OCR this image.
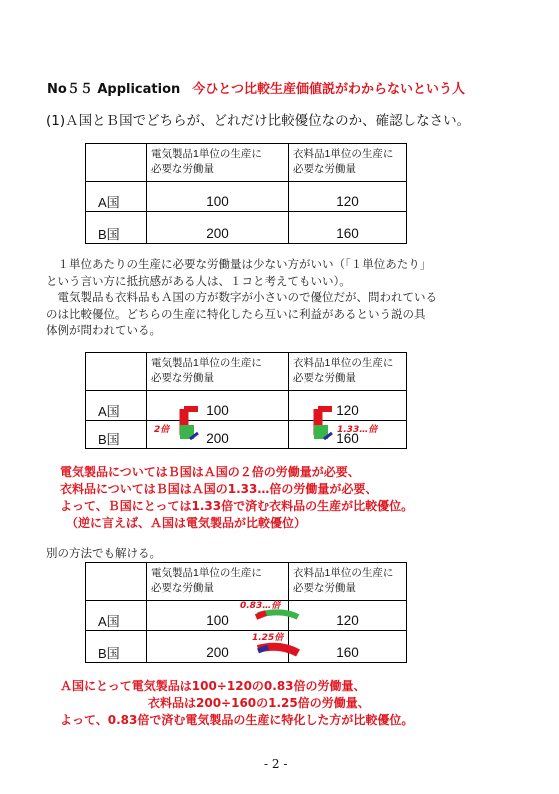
No５５ Application 今ひとつ比較生産価値説がわからないという人
(1)Ａ国とＢ国でどちらが、どれだけ比較優位なのか、確認しなさい。
	電気製品1単位の生産に
必要な労働量	衣料品1単位の生産に
必要な労働量
A国	100	120
B国	200	160
　１単位あたりの生産に必要な労働量は少ない方がいい（「１単位あたり」
という言い方に抵抗感がある人は、１コと考えてもいい）。
　電気製品も衣料品もＡ国の方が数字が小さいので優位だが、問われている
のは比較優位。どちらの生産に特化したら互いに利益があるという説の具
体例が問われている。
	電気製品1単位の生産に
必要な労働量	衣料品1単位の生産に
必要な労働量
A国	100	120
B国	200	160
2倍	1.33…倍
電気製品についてはＢ国はＡ国の２倍の労働量が必要、
衣料品についてはＢ国はＡ国の1.33…倍の労働量が必要、
よって、Ｂ国にとっては1.33倍で済む衣料品の生産が比較優位。
（逆に言えば、Ａ国は電気製品が比較優位）
別の方法でも解ける。
	電気製品1単位の生産に
必要な労働量	衣料品1単位の生産に
必要な労働量
A国	100	120
B国	200	160
0.83…倍
1.25倍
Ａ国にとって電気製品は100÷120の0.83倍の労働量、
衣料品は200÷160の1.25倍の労働量、
よって、0.83倍で済む電気製品の生産に特化した方が比較優位。
- 2 -
